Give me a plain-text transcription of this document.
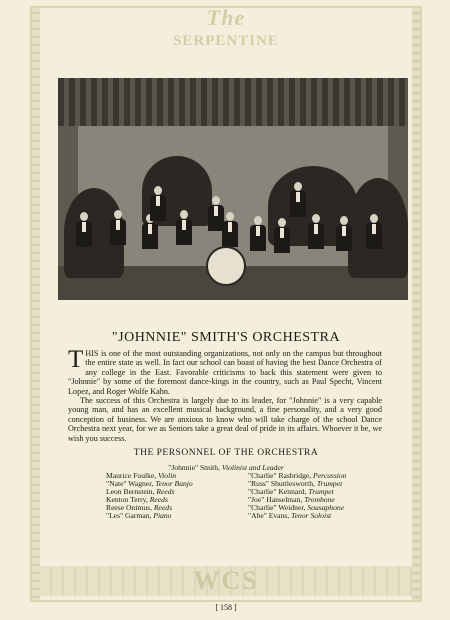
The
SERPENTINE
"JOHNNIE" SMITH'S ORCHESTRA

THIS is one of the most outstanding organizations, not only on the campus but throughout the entire state as well. In fact our school can boast of having the best Dance Orchestra of any college in the East. Favorable criticisms to back this statement were given to "Johnnie" by some of the foremost dance-kings in the country, such as Paul Specht, Vincent Lopez, and Roger Wolfe Kahn.

The success of this Orchestra is largely due to its leader, for "Johnnie" is a very capable young man, and has an excellent musical background, a fine personality, and a very good conception of business. We are anxious to know who will take charge of the school Dance Orchestra next year, for we as Seniors take a great deal of pride in its affairs. Whoever it be, we wish you success.

THE PERSONNEL OF THE ORCHESTRA
"Johnnie" Smith, Violinist and Leader
Maurice Foulke, Violin
"Nate" Wagner, Tenor Banjo
Leon Bernstein, Reeds
Kenton Terry, Reeds
Reese Onimus, Reeds
"Les" Garman, Piano
"Charlie" Rasbridge, Percussion
"Russ" Shuttlesworth, Trumpet
"Charlie" Kennard, Trumpet
"Joe" Hanselman, Trombone
"Charlie" Weidner, Sousaphone
"Abe" Evans, Tenor Soloist
WCS
[ 158 ]
